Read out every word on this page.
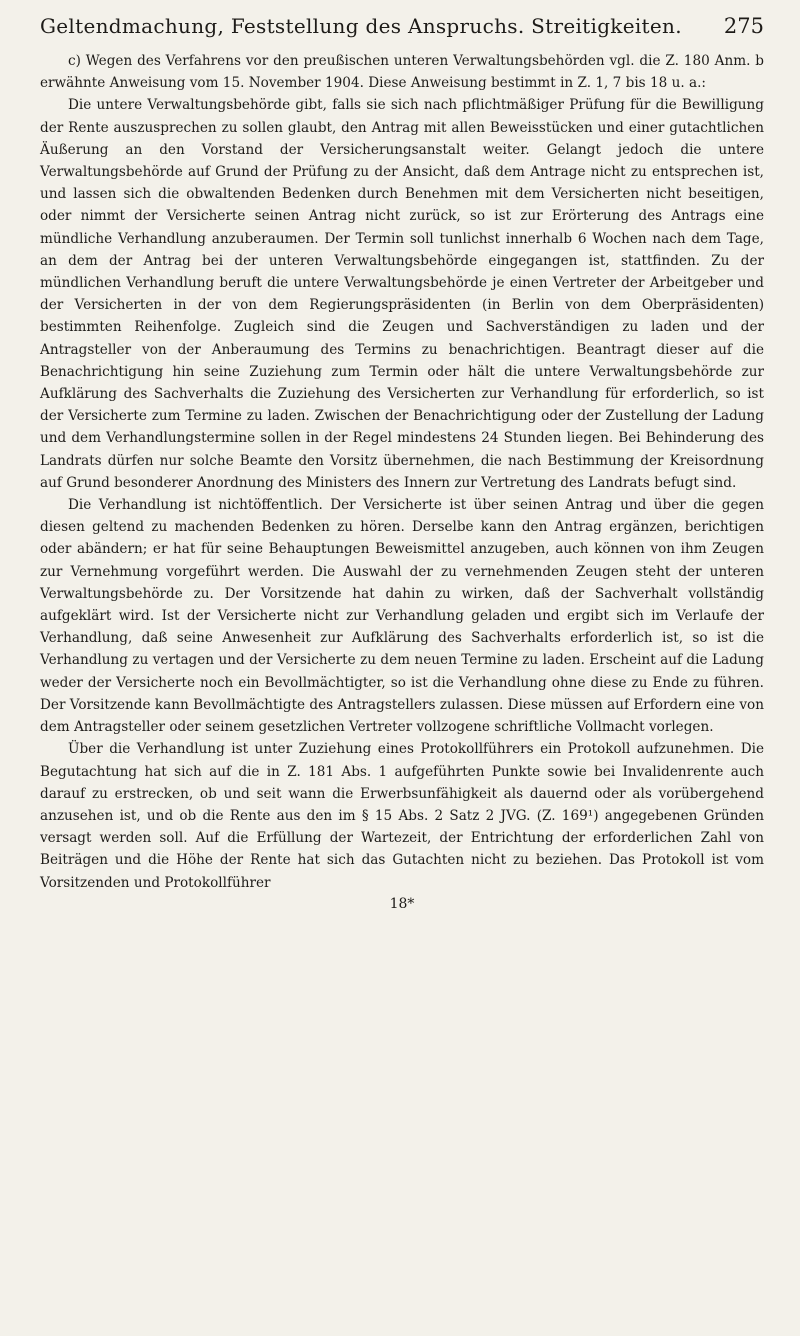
Geltendmachung, Feststellung des Anspruchs. Streitigkeiten. 275

c) Wegen des Verfahrens vor den preußischen unteren Verwaltungsbehörden vgl. die Z. 180 Anm. b erwähnte Anweisung vom 15. November 1904. Diese Anweisung bestimmt in Z. 1, 7 bis 18 u. a.:

Die untere Verwaltungsbehörde gibt, falls sie sich nach pflichtmäßiger Prüfung für die Bewilligung der Rente auszusprechen zu sollen glaubt, den Antrag mit allen Beweisstücken und einer gutachtlichen Äußerung an den Vorstand der Versicherungsanstalt weiter. Gelangt jedoch die untere Verwaltungsbehörde auf Grund der Prüfung zu der Ansicht, daß dem Antrage nicht zu entsprechen ist, und lassen sich die obwaltenden Bedenken durch Benehmen mit dem Versicherten nicht beseitigen, oder nimmt der Versicherte seinen Antrag nicht zurück, so ist zur Erörterung des Antrags eine mündliche Verhandlung anzuberaumen. Der Termin soll tunlichst innerhalb 6 Wochen nach dem Tage, an dem der Antrag bei der unteren Verwaltungsbehörde eingegangen ist, stattfinden. Zu der mündlichen Verhandlung beruft die untere Verwaltungsbehörde je einen Vertreter der Arbeitgeber und der Versicherten in der von dem Regierungspräsidenten (in Berlin von dem Oberpräsidenten) bestimmten Reihenfolge. Zugleich sind die Zeugen und Sachverständigen zu laden und der Antragsteller von der Anberaumung des Termins zu benachrichtigen. Beantragt dieser auf die Benachrichtigung hin seine Zuziehung zum Termin oder hält die untere Verwaltungsbehörde zur Aufklärung des Sachverhalts die Zuziehung des Versicherten zur Verhandlung für erforderlich, so ist der Versicherte zum Termine zu laden. Zwischen der Benachrichtigung oder der Zustellung der Ladung und dem Verhandlungstermine sollen in der Regel mindestens 24 Stunden liegen. Bei Behinderung des Landrats dürfen nur solche Beamte den Vorsitz übernehmen, die nach Bestimmung der Kreisordnung auf Grund besonderer Anordnung des Ministers des Innern zur Vertretung des Landrats befugt sind.

Die Verhandlung ist nichtöffentlich. Der Versicherte ist über seinen Antrag und über die gegen diesen geltend zu machenden Bedenken zu hören. Derselbe kann den Antrag ergänzen, berichtigen oder abändern; er hat für seine Behauptungen Beweismittel anzugeben, auch können von ihm Zeugen zur Vernehmung vorgeführt werden. Die Auswahl der zu vernehmenden Zeugen steht der unteren Verwaltungsbehörde zu. Der Vorsitzende hat dahin zu wirken, daß der Sachverhalt vollständig aufgeklärt wird. Ist der Versicherte nicht zur Verhandlung geladen und ergibt sich im Verlaufe der Verhandlung, daß seine Anwesenheit zur Aufklärung des Sachverhalts erforderlich ist, so ist die Verhandlung zu vertagen und der Versicherte zu dem neuen Termine zu laden. Erscheint auf die Ladung weder der Versicherte noch ein Bevollmächtigter, so ist die Verhandlung ohne diese zu Ende zu führen. Der Vorsitzende kann Bevollmächtigte des Antragstellers zulassen. Diese müssen auf Erfordern eine von dem Antragsteller oder seinem gesetzlichen Vertreter vollzogene schriftliche Vollmacht vorlegen.

Über die Verhandlung ist unter Zuziehung eines Protokollführers ein Protokoll aufzunehmen. Die Begutachtung hat sich auf die in Z. 181 Abs. 1 aufgeführten Punkte sowie bei Invalidenrente auch darauf zu erstrecken, ob und seit wann die Erwerbsunfähigkeit als dauernd oder als vorübergehend anzusehen ist, und ob die Rente aus den im § 15 Abs. 2 Satz 2 JVG. (Z. 169¹) angegebenen Gründen versagt werden soll. Auf die Erfüllung der Wartezeit, der Entrichtung der erforderlichen Zahl von Beiträgen und die Höhe der Rente hat sich das Gutachten nicht zu beziehen. Das Protokoll ist vom Vorsitzenden und Protokollführer

18*
